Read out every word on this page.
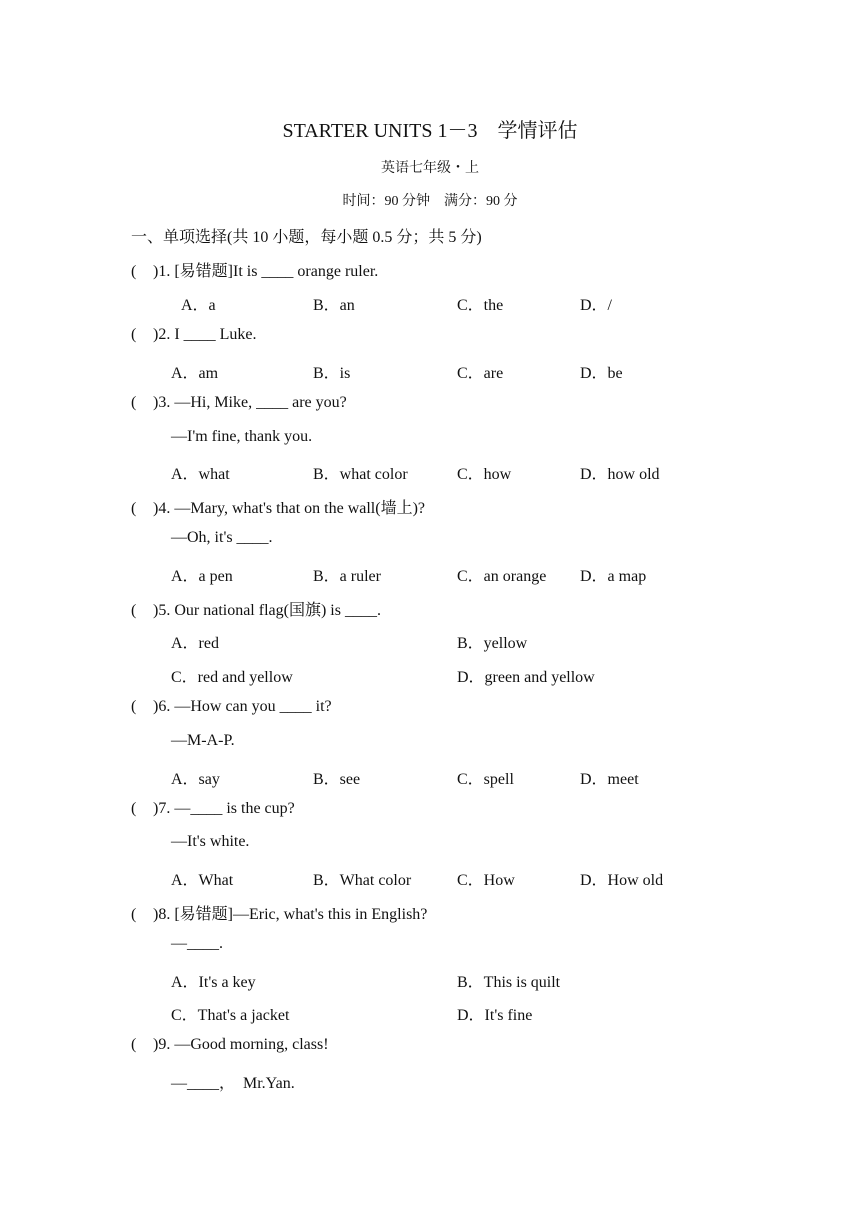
STARTER UNITS 1－3　学情评估
英语七年级・上
时间：90 分钟　满分：90 分
一、单项选择(共 10 小题，每小题 0.5 分；共 5 分)
( )1. [易错题]It is ____ orange ruler.
A．a	B．an	C．the	D．/
( )2. I ____ Luke.
A．am	B．is	C．are	D．be
( )3. —Hi, Mike, ____ are you?
—I'm fine, thank you.
A．what	B．what color	C．how	D．how old
( )4. —Mary, what's that on the wall(墙上)?
—Oh, it's ____.
A．a pen	B．a ruler	C．an orange D．a map
( )5. Our national flag(国旗) is ____.
A．red	B．yellow
C．red and yellow	D．green and yellow
( )6. —How can you ____ it?
—M-A-P.
A．say	B．see	C．spell	D．meet
( )7. —____ is the cup?
—It's white.
A．What	B．What color	C．How	D．How old
( )8. [易错题]—Eric, what's this in English?
—____.
A．It's a key	B．This is quilt
C．That's a jacket	D．It's fine
( )9. —Good morning, class!
—____，　Mr.Yan.
